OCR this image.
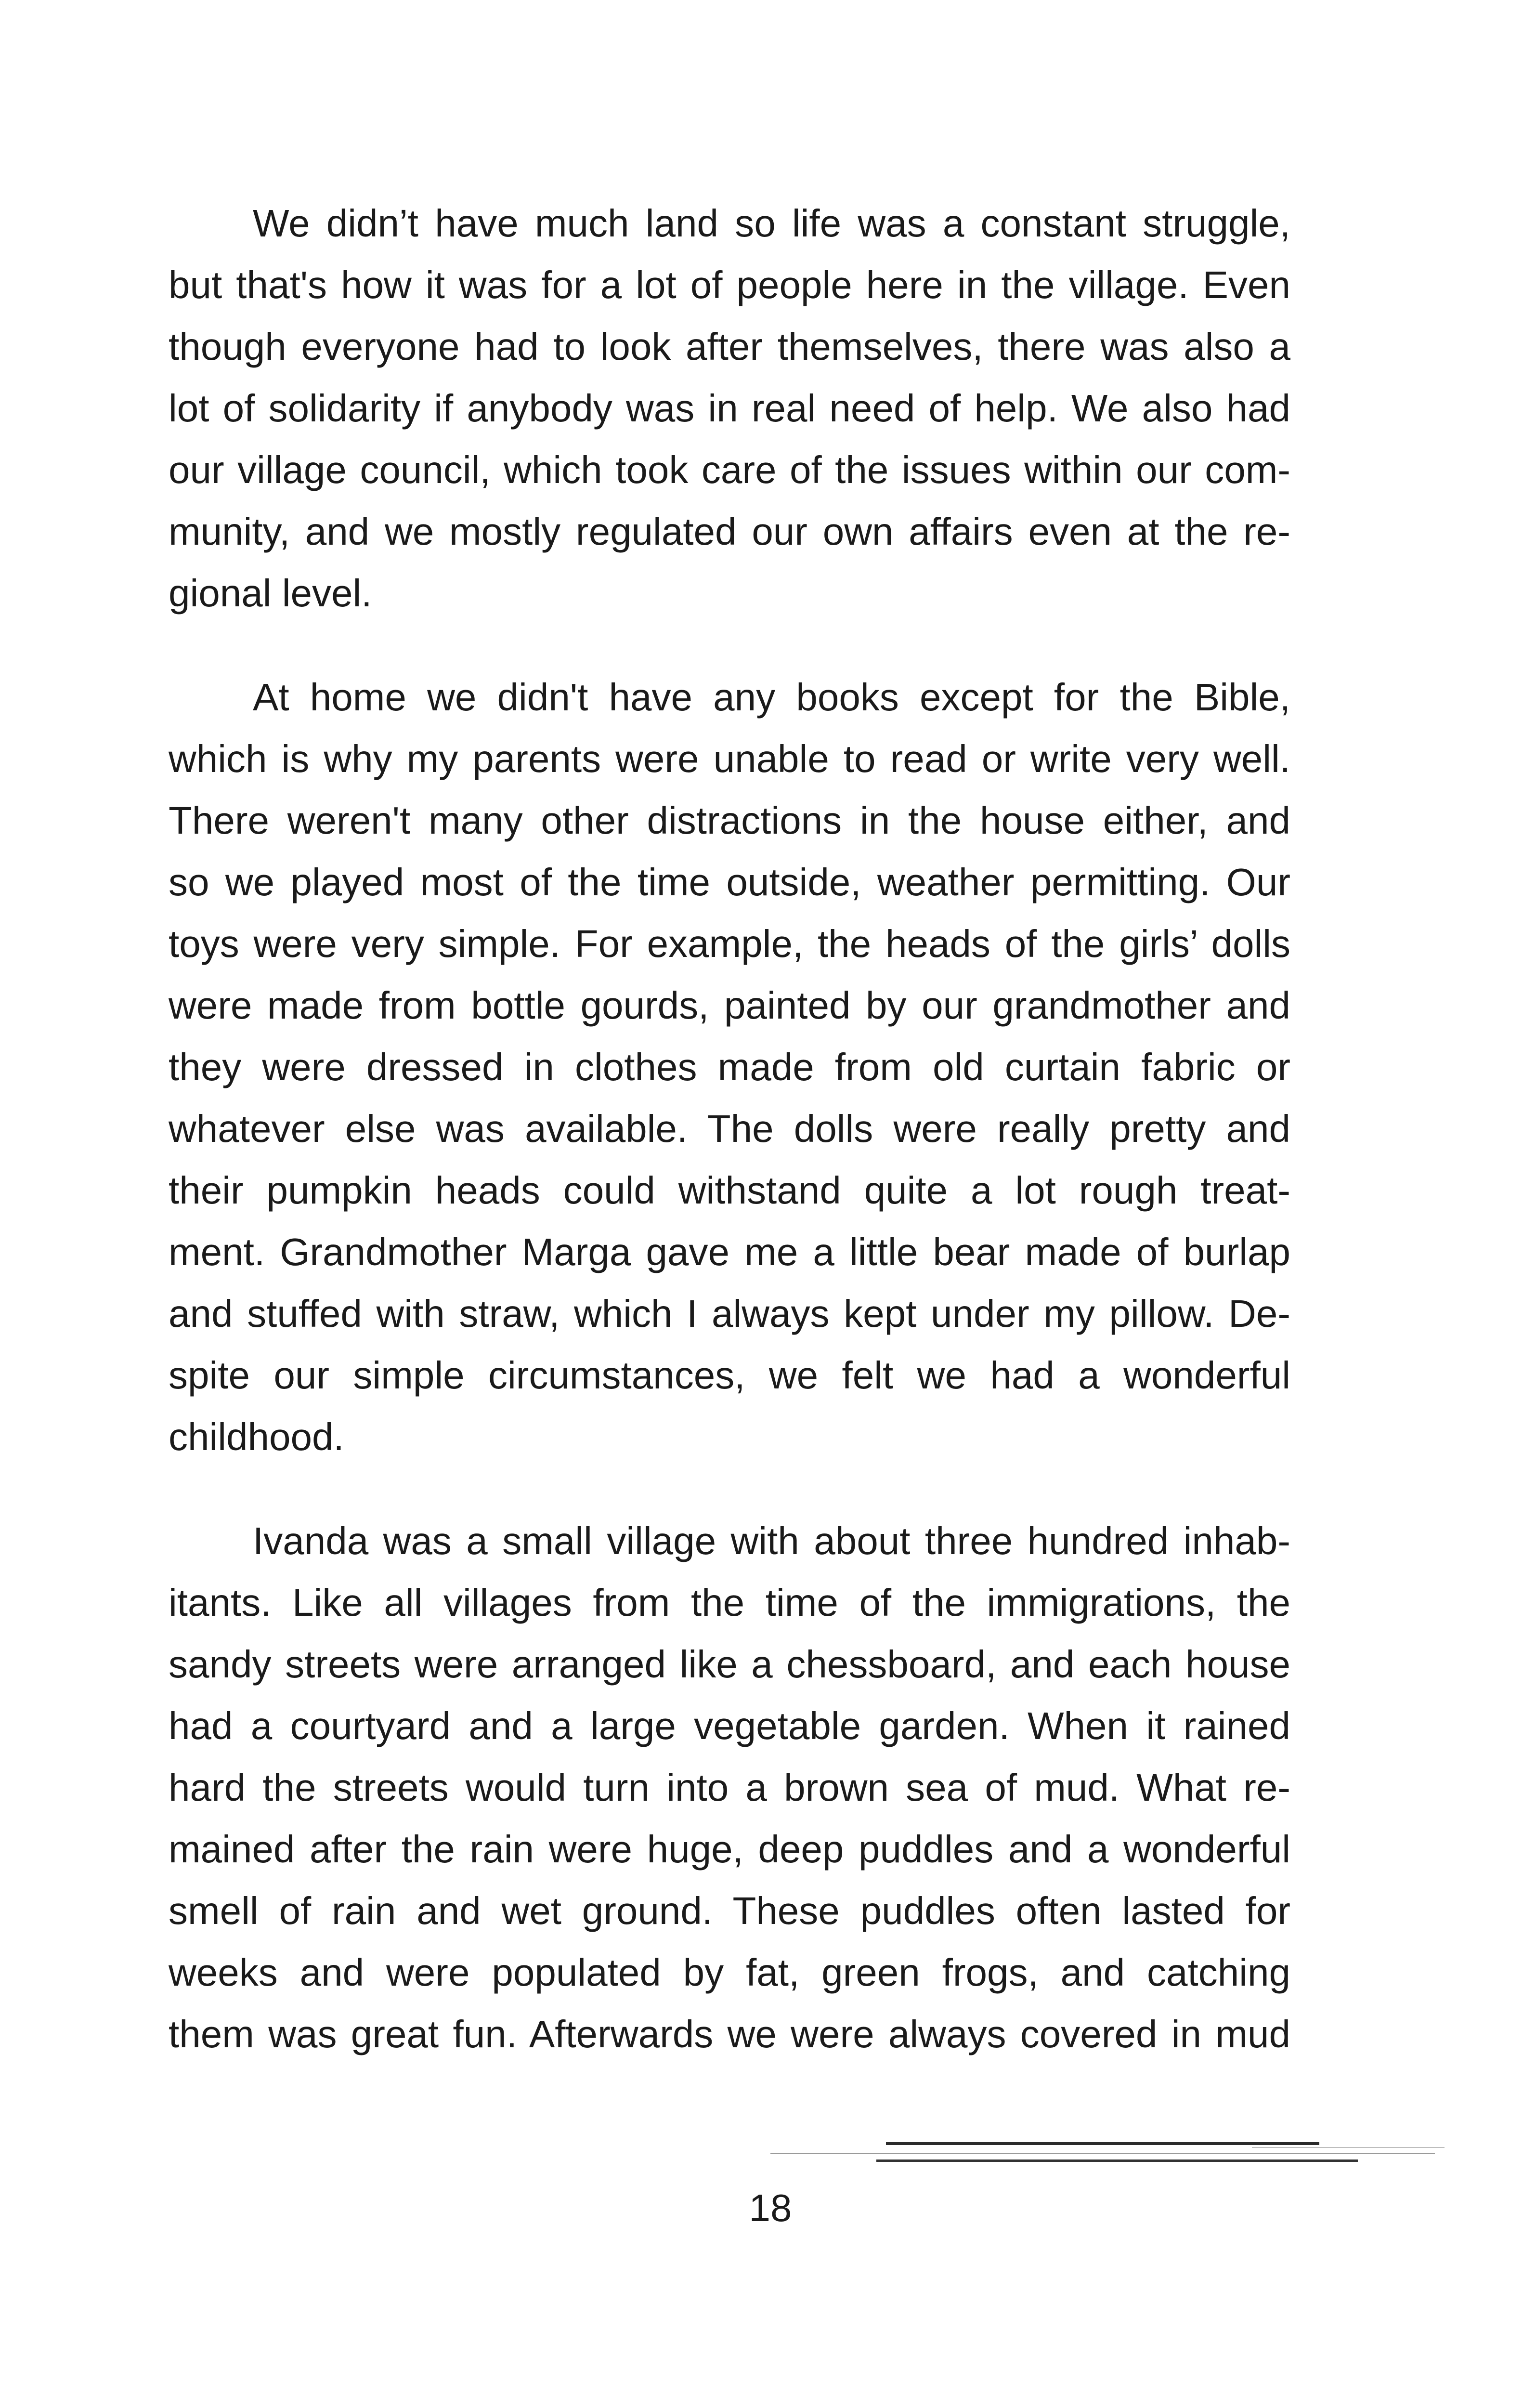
We didn’t have much land so life was a constant struggle,
but that's how it was for a lot of people here in the village. Even
though everyone had to look after themselves, there was also a
lot of solidarity if anybody was in real need of help. We also had
our village council, which took care of the issues within our com-
munity, and we mostly regulated our own affairs even at the re-
gional level.
At home we didn't have any books except for the Bible,
which is why my parents were unable to read or write very well.
There weren't many other distractions in the house either, and
so we played most of the time outside, weather permitting. Our
toys were very simple. For example, the heads of the girls’ dolls
were made from bottle gourds, painted by our grandmother and
they were dressed in clothes made from old curtain fabric or
whatever else was available. The dolls were really pretty and
their pumpkin heads could withstand quite a lot rough treat-
ment. Grandmother Marga gave me a little bear made of burlap
and stuffed with straw, which I always kept under my pillow. De-
spite our simple circumstances, we felt we had a wonderful
childhood.
Ivanda was a small village with about three hundred inhab-
itants. Like all villages from the time of the immigrations, the
sandy streets were arranged like a chessboard, and each house
had a courtyard and a large vegetable garden. When it rained
hard the streets would turn into a brown sea of mud. What re-
mained after the rain were huge, deep puddles and a wonderful
smell of rain and wet ground. These puddles often lasted for
weeks and were populated by fat, green frogs, and catching
them was great fun. Afterwards we were always covered in mud
18
